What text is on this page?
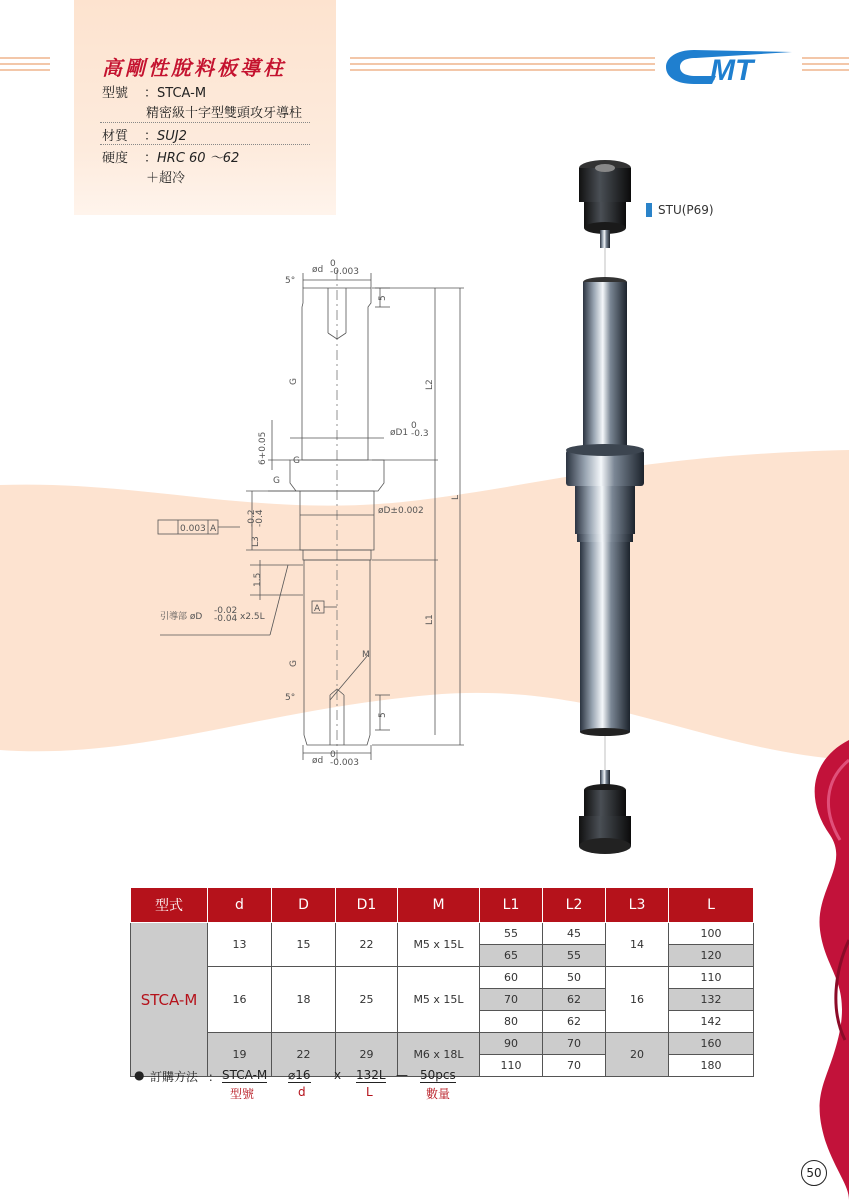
高剛性脫料板導柱
型號 ：STCA-M
精密級十字型雙頭攻牙導柱
材質 ：SUJ2
硬度 ：HRC 60 ～62
＋超冷
MT
STU(P69)
ød
0
-0.003
5°
5
L2
øD1
0
-0.3
6+0.05
L
øD±0.002
L3
-0.2
-0.4
0.003 A
A
1.5
引導部 øD
-0.02
-0.04 x2.5L	L1
M
5°
5
ød
0
-0.003
G
G
G
G
型式	d	D	D1	M	L1	L2	L3	L
STCA-M	13	15	22	M5 x 15L	55	45	14	100
					65	55		120
	16	18	25	M5 x 15L	60	50	16	110
					70	62		132
					80	62		142
	19	22	29	M6 x 18L	90	70	20	160
					110	70		180
● 訂購方法 ： STCA-M
型號
⌀16
d
x 132L
L
— 50pcs
數量
50
